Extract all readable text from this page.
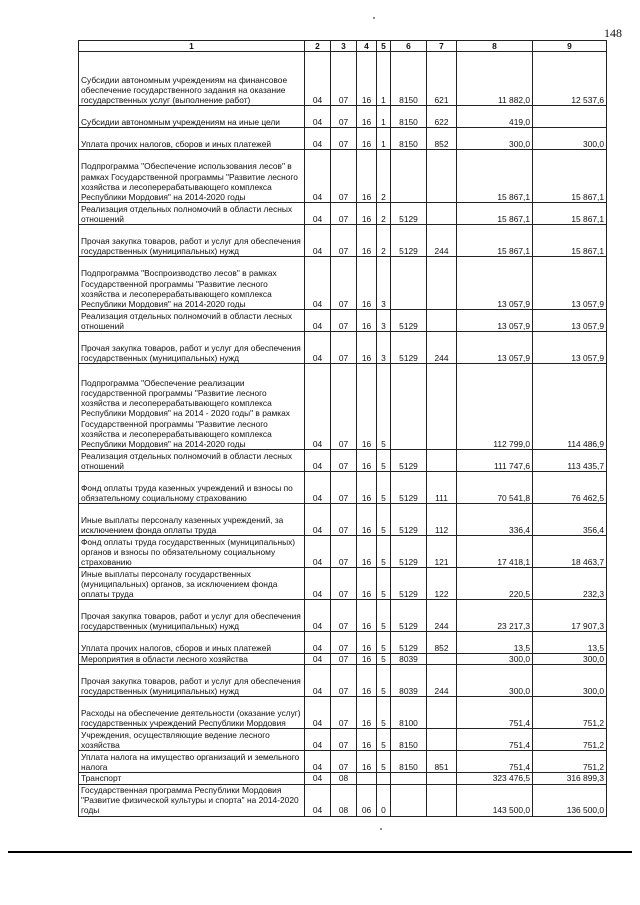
148
1	2	3	4	5	6	7	8	9
Субсидии автономным учреждениям на финансовое обеспечение государственного задания на оказание государственных услуг (выполнение работ)	04	07	16	1	8150	621	11 882,0	12 537,6
Субсидии автономным учреждениям на иные цели	04	07	16	1	8150	622	419,0	
Уплата прочих налогов, сборов и иных платежей	04	07	16	1	8150	852	300,0	300,0
Подпрограмма "Обеспечение использования лесов" в рамках Государственной программы "Развитие лесного хозяйства и лесоперерабатывающего комплекса Республики Мордовия" на 2014-2020 годы	04	07	16	2			15 867,1	15 867,1
Реализация отдельных полномочий в области лесных отношений	04	07	16	2	5129		15 867,1	15 867,1
Прочая закупка товаров, работ и услуг для обеспечения государственных (муниципальных) нужд	04	07	16	2	5129	244	15 867,1	15 867,1
Подпрограмма "Воспроизводство лесов" в рамках Государственной программы "Развитие лесного хозяйства и лесоперерабатывающего комплекса Республики Мордовия" на 2014-2020 годы	04	07	16	3			13 057,9	13 057,9
Реализация отдельных полномочий в области лесных отношений	04	07	16	3	5129		13 057,9	13 057,9
Прочая закупка товаров, работ и услуг для обеспечения государственных (муниципальных) нужд	04	07	16	3	5129	244	13 057,9	13 057,9
Подпрограмма "Обеспечение реализации государственной программы "Развитие лесного хозяйства и лесоперерабатывающего комплекса Республики Мордовия" на 2014 - 2020 годы" в рамках Государственной программы "Развитие лесного хозяйства и лесоперерабатывающего комплекса Республики Мордовия" на 2014-2020 годы	04	07	16	5			112 799,0	114 486,9
Реализация отдельных полномочий в области лесных отношений	04	07	16	5	5129		111 747,6	113 435,7
Фонд оплаты труда казенных учреждений и взносы по обязательному социальному страхованию	04	07	16	5	5129	111	70 541,8	76 462,5
Иные выплаты персоналу казенных учреждений, за исключением фонда оплаты труда	04	07	16	5	5129	112	336,4	356,4
Фонд оплаты труда государственных (муниципальных) органов и взносы по обязательному социальному страхованию	04	07	16	5	5129	121	17 418,1	18 463,7
Иные выплаты персоналу государственных (муниципальных) органов, за исключением фонда оплаты труда	04	07	16	5	5129	122	220,5	232,3
Прочая закупка товаров, работ и услуг для обеспечения государственных (муниципальных) нужд	04	07	16	5	5129	244	23 217,3	17 907,3
Уплата прочих налогов, сборов и иных платежей	04	07	16	5	5129	852	13,5	13,5
Мероприятия в области лесного хозяйства	04	07	16	5	8039		300,0	300,0
Прочая закупка товаров, работ и услуг для обеспечения государственных (муниципальных) нужд	04	07	16	5	8039	244	300,0	300,0
Расходы на обеспечение деятельности (оказание услуг) государственных учреждений Республики Мордовия	04	07	16	5	8100		751,4	751,2
Учреждения, осуществляющие ведение лесного хозяйства	04	07	16	5	8150		751,4	751,2
Уплата налога на имущество организаций и земельного налога	04	07	16	5	8150	851	751,4	751,2
Транспорт	04	08					323 476,5	316 899,3
Государственная программа Республики Мордовия "Развитие физической культуры и спорта" на 2014-2020 годы	04	08	06	0			143 500,0	136 500,0
